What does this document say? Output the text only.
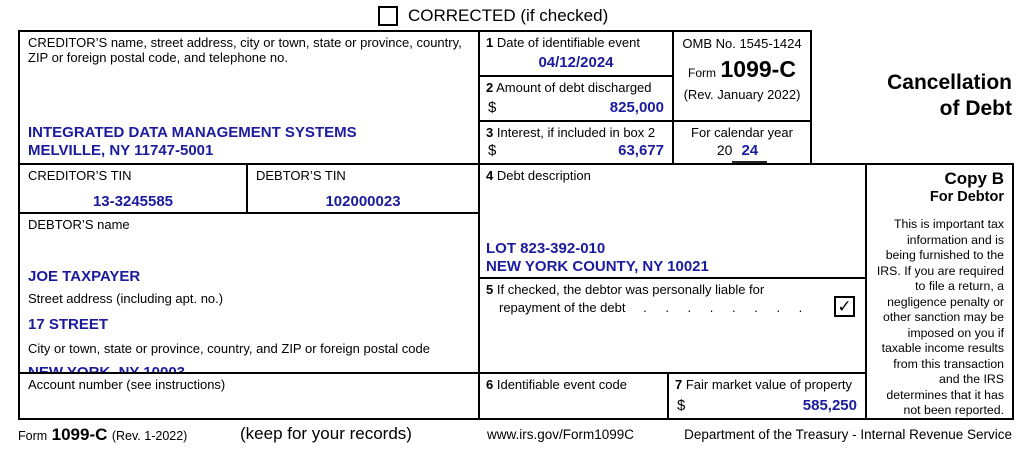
CORRECTED (if checked)
Cancellation
of Debt
CREDITOR’S name, street address, city or town, state or province, country, ZIP or foreign postal code, and telephone no.
INTEGRATED DATA MANAGEMENT SYSTEMS
MELVILLE, NY 11747-5001
1 Date of identifiable event
04/12/2024
2 Amount of debt discharged
$	825,000
3 Interest, if included in box 2
$	63,677
OMB No. 1545-1424
Form 1099-C
(Rev. January 2022)
For calendar year
20 24
CREDITOR’S TIN
13-3245585
DEBTOR’S TIN
102000023
DEBTOR’S name
JOE TAXPAYER
Street address (including apt. no.)
17 STREET
City or town, state or province, country, and ZIP or foreign postal code
4 Debt description
LOT 823-392-010
NEW YORK COUNTY, NY 10021
5 If checked, the debtor was personally liable for
repayment of the debt . . . . . . . .	✓
Account number (see instructions)	6 Identifiable event code	7 Fair market value of property
$	585,250
Copy B
For Debtor
This is important tax information and is being furnished to the IRS. If you are required to file a return, a negligence penalty or other sanction may be imposed on you if taxable income results from this transaction and the IRS determines that it has not been reported.
Form 1099-C (Rev. 1-2022)	(keep for your records)	www.irs.gov/Form1099C	Department of the Treasury - Internal Revenue Service
